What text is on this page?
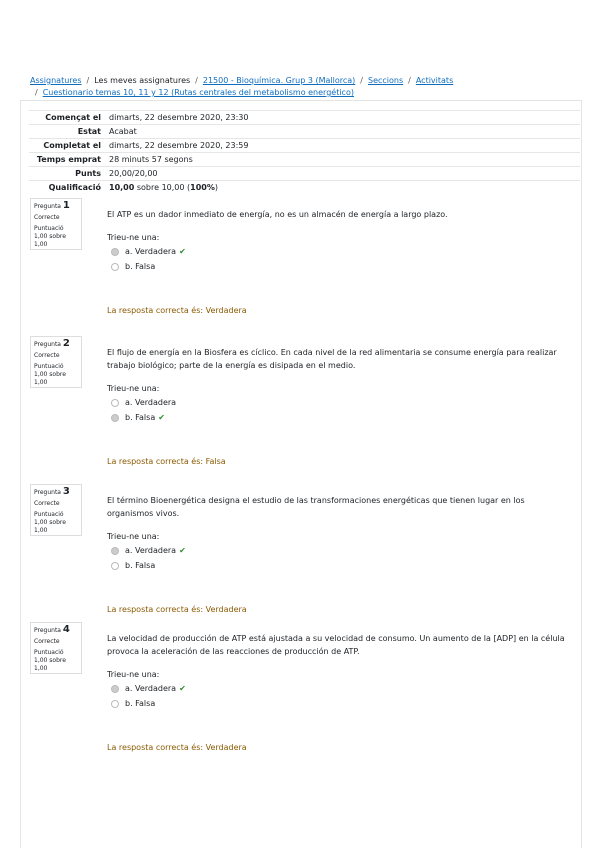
Assignatures / Les meves assignatures / 21500 - Bioquímica. Grup 3 (Mallorca) / Seccions / Activitats
/ Cuestionario temas 10, 11 y 12 (Rutas centrales del metabolismo energético)
Començat el	dimarts, 22 desembre 2020, 23:30
Estat	Acabat
Completat el	dimarts, 22 desembre 2020, 23:59
Temps emprat	28 minuts 57 segons
Punts	20,00/20,00
Qualificació	10,00 sobre 10,00 (100%)
Pregunta 1
Correcte
Puntuació 1,00 sobre 1,00
El ATP es un dador inmediato de energía, no es un almacén de energía a largo plazo.
Trieu-ne una:
a. Verdadera ✔
b. Falsa
La resposta correcta és: Verdadera
Pregunta 2
Correcte
Puntuació 1,00 sobre 1,00
El flujo de energía en la Biosfera es cíclico. En cada nivel de la red alimentaria se consume energía para realizar trabajo biológico; parte de la energía es disipada en el medio.
Trieu-ne una:
a. Verdadera
b. Falsa ✔
La resposta correcta és: Falsa
Pregunta 3
Correcte
Puntuació 1,00 sobre 1,00
El término Bioenergética designa el estudio de las transformaciones energéticas que tienen lugar en los organismos vivos.
Trieu-ne una:
a. Verdadera ✔
b. Falsa
La resposta correcta és: Verdadera
Pregunta 4
Correcte
Puntuació 1,00 sobre 1,00
La velocidad de producción de ATP está ajustada a su velocidad de consumo. Un aumento de la [ADP] en la célula provoca la aceleración de las reacciones de producción de ATP.
Trieu-ne una:
a. Verdadera ✔
b. Falsa
La resposta correcta és: Verdadera
